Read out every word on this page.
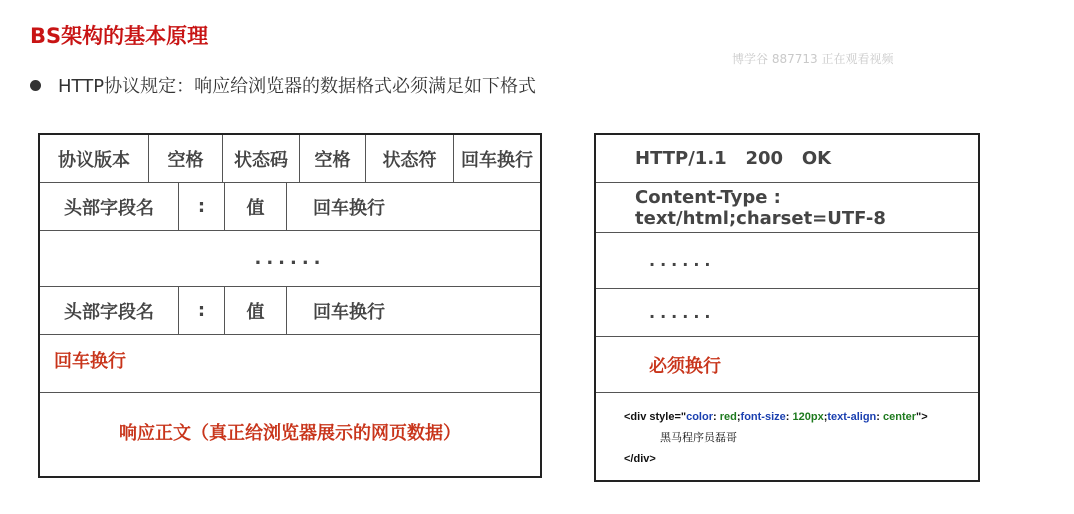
BS架构的基本原理
博学谷 887713 正在观看视频
HTTP协议规定：响应给浏览器的数据格式必须满足如下格式
协议版本	空格	状态码	空格	状态符	回车换行
头部字段名	:	值	回车换行
......
头部字段名	:	值	回车换行
回车换行
响应正文（真正给浏览器展示的网页数据）
HTTP/1.1   200   OK
Content-Type : text/html;charset=UTF-8
......
......
必须换行
<div style="color: red;font-size: 120px;text-align: center">
黑马程序员磊哥
</div>
